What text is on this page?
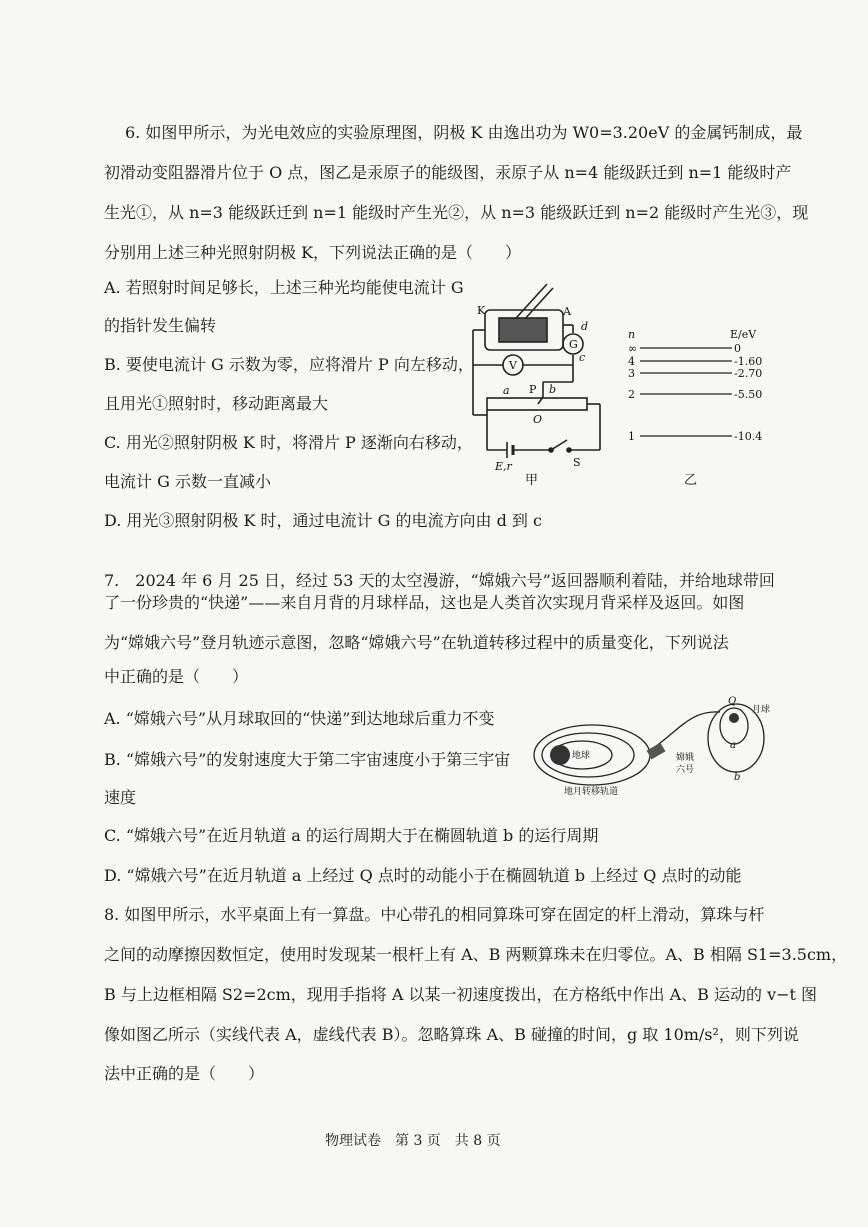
6. 如图甲所示，为光电效应的实验原理图，阴极 K 由逸出功为 W0=3.20eV 的金属钙制成，最
初滑动变阻器滑片位于 O 点，图乙是汞原子的能级图，汞原子从 n=4 能级跃迁到 n=1 能级时产
生光①，从 n=3 能级跃迁到 n=1 能级时产生光②，从 n=3 能级跃迁到 n=2 能级时产生光③，现
分别用上述三种光照射阴极 K，下列说法正确的是（　　）
A. 若照射时间足够长，上述三种光均能使电流计 G
的指针发生偏转
B. 要使电流计 G 示数为零，应将滑片 P 向左移动，
且用光①照射时，移动距离最大
C. 用光②照射阴极 K 时，将滑片 P 逐渐向右移动，
电流计 G 示数一直减小
D. 用光③照射阴极 K 时，通过电流计 G 的电流方向由 d 到 c
K	A
d
c
V
G
a P b
O
E,r	S
甲
n	E/eV
乙
∞	0
4	-1.60
3	-2.70
2	-5.50
1	-10.4
7.　2024 年 6 月 25 日，经过 53 天的太空漫游，“嫦娥六号”返回器顺利着陆，并给地球带回
了一份珍贵的“快递”——来自月背的月球样品，这也是人类首次实现月背采样及返回。如图
为“嫦娥六号”登月轨迹示意图，忽略“嫦娥六号”在轨道转移过程中的质量变化，下列说法
中正确的是（　　）
A. “嫦娥六号”从月球取回的“快递”到达地球后重力不变
B. “嫦娥六号”的发射速度大于第二宇宙速度小于第三宇宙
速度
C. “嫦娥六号”在近月轨道 a 的运行周期大于在椭圆轨道 b 的运行周期
D. “嫦娥六号”在近月轨道 a 上经过 Q 点时的动能小于在椭圆轨道 b 上经过 Q 点时的动能
地球
月球
嫦娥
六号
地月转移轨道
Q
a
b
8. 如图甲所示，水平桌面上有一算盘。中心带孔的相同算珠可穿在固定的杆上滑动，算珠与杆
之间的动摩擦因数恒定，使用时发现某一根杆上有 A、B 两颗算珠未在归零位。A、B 相隔 S1=3.5cm，
B 与上边框相隔 S2=2cm，现用手指将 A 以某一初速度拨出，在方格纸中作出 A、B 运动的 v−t 图
像如图乙所示（实线代表 A，虚线代表 B）。忽略算珠 A、B 碰撞的时间，g 取 10m/s²，则下列说
法中正确的是（　　）
物理试卷　第 3 页　共 8 页
